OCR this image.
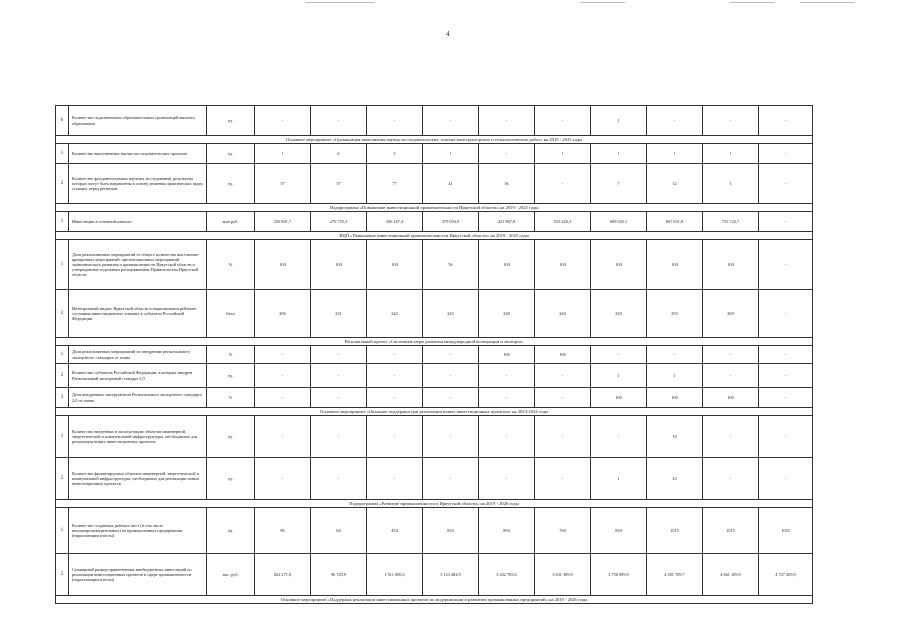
4
6	Количество подключенных образовательных организаций высшего образования	ед.	-	-	-	-	-	-	1	-	-	-
Основное мероприятие «Организация выполнения научно-исследовательских, опытно-конструкторских и технологических работ» на 2019 - 2025 годы												
1	Количество выполненных научно-исследовательских проектов	ед.	1	6	5	1	-	1	1	1	1	-
2	Количество фундаментальных научных исследований, результаты которых могут быть направлены в основу решения практических задач, стоящих перед регионом	ед.	37	37	77	41	36	-	7	12	3	-
Подпрограмма «Повышение инвестиционной привлекательности Иркутской области» на 2019 - 2025 годы												
1	Инвестиции в основной капитал	млн руб.	256 801,7	276 755,3	346 167,4	379 094,9	421 867,8	555 420,3	609 043,1	667 651,8	753 722,7	-
ВЦП «Повышение инвестиционной привлекательности Иркутской области» на 2019 - 2025 годы												
1	Доля реализованных мероприятий от общего количества выставочно-ярмарочных мероприятий, презентационных мероприятий экономического развития и промышленности Иркутской области и утвержденных отдельным распоряжением Правительства Иркутской области	%	100	100	100	56	100	100	100	100	100	-
2	Интегральный индекс Иркутской области в национальном рейтинге состояния инвестиционного климата в субъектах Российской Федерации	балл	206	231	242	245	238	240	250	255	260	-
Региональный проект «Системные меры развития международной кооперации и экспорта»												
1	Доля реализованных мероприятий по внедрению регионального экспортного стандарта от плана	%	-	-	-	-	100	100	-	-	-	-
2	Количество субъектов Российской Федерации, в которых внедрен Региональный экспортный стандарт 2.0	ед.	-	-	-	-	-	-	1	1	-	-
3	Доля внедренных инструментов Регионального экспортного стандарта 2.0 от плана	%	-	-	-	-	-	-	100	100	100	-
Основное мероприятие «Оказание поддержки при реализации новых инвестиционных проектов» на 2023-2024 годы												
1	Количество введенных в эксплуатацию объектов инженерной, энергетической и коммунальной инфраструктуры, необходимых для реализации новых инвестиционных проектов	ед.	-	-	-	-	-	-	-	18	-	-
2	Количество финансируемых объектов инженерной, энергетической и коммунальной инфраструктуры, необходимых для реализации новых инвестиционных проектов	ед.	-	-	-	-	-	-	1	23	-	-
Подпрограмма «Развитие промышленности в Иркутской области» на 2019 - 2026 годы												
1	Количество созданных рабочих мест (в том числе высокопроизводительных) на промышленных предприятиях (нарастающим итогом)	ед.	86	64	454	833	894	760	830	1015	1015	1055
2	Суммарный размер привлеченных внебюджетных инвестиций по реализации инвестиционных проектов в сфере промышленности (нарастающим итогом)	тыс. руб.	262 271,8	96 729,9	1 911 000,0	3 123 484,9	3 202 765,6	3 631 389,9	3 756 099,9	4 581 709,7	4 661 109,9	4 727 209,9
Основное мероприятие «Поддержка реализации инвестиционных проектов по модернизации и развитию промышленных предприятий» на 2019 - 2026 годы												
